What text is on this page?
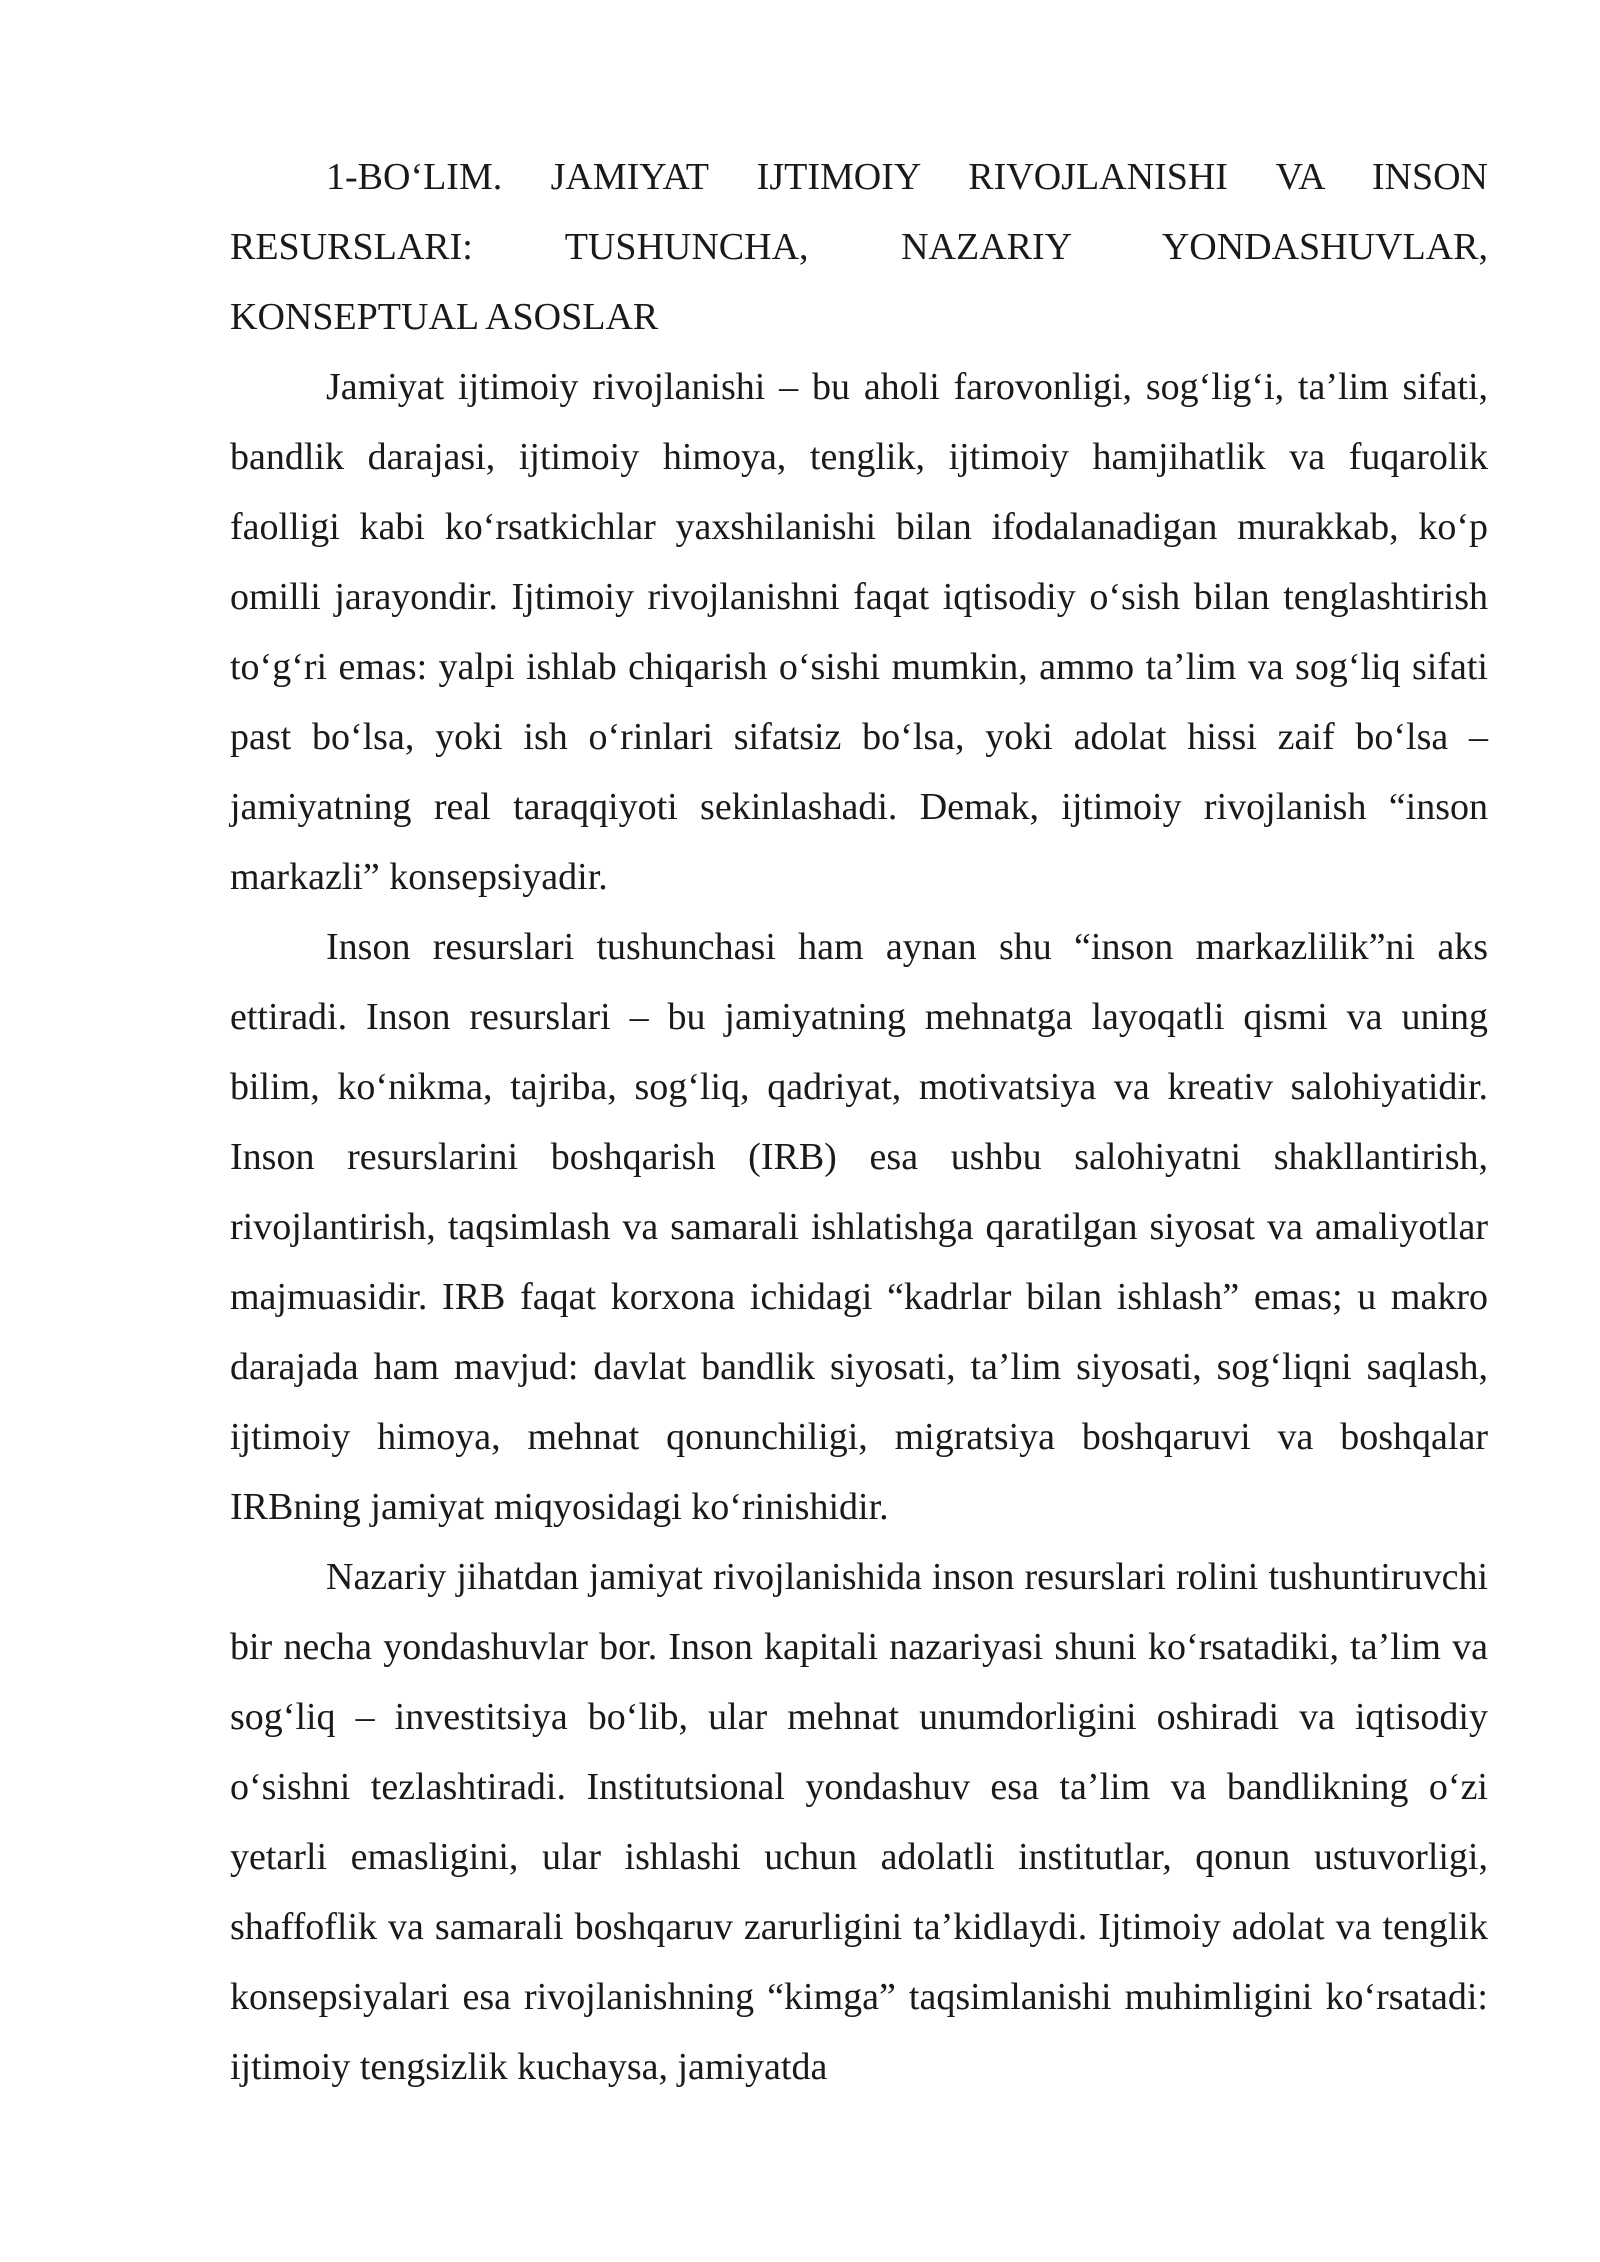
1-BO‘LIM. JAMIYAT IJTIMOIY RIVOJLANISHI VA INSON RESURSLARI: TUSHUNCHA, NAZARIY YONDASHUVLAR, KONSEPTUAL ASOSLAR

Jamiyat ijtimoiy rivojlanishi – bu aholi farovonligi, sog‘lig‘i, ta’lim sifati, bandlik darajasi, ijtimoiy himoya, tenglik, ijtimoiy hamjihatlik va fuqarolik faolligi kabi ko‘rsatkichlar yaxshilanishi bilan ifodalanadigan murakkab, ko‘p omilli jarayondir. Ijtimoiy rivojlanishni faqat iqtisodiy o‘sish bilan tenglashtirish to‘g‘ri emas: yalpi ishlab chiqarish o‘sishi mumkin, ammo ta’lim va sog‘liq sifati past bo‘lsa, yoki ish o‘rinlari sifatsiz bo‘lsa, yoki adolat hissi zaif bo‘lsa – jamiyatning real taraqqiyoti sekinlashadi. Demak, ijtimoiy rivojlanish “inson markazli” konsepsiyadir.

Inson resurslari tushunchasi ham aynan shu “inson markazlilik”ni aks ettiradi. Inson resurslari – bu jamiyatning mehnatga layoqatli qismi va uning bilim, ko‘nikma, tajriba, sog‘liq, qadriyat, motivatsiya va kreativ salohiyatidir. Inson resurslarini boshqarish (IRB) esa ushbu salohiyatni shakllantirish, rivojlantirish, taqsimlash va samarali ishlatishga qaratilgan siyosat va amaliyotlar majmuasidir. IRB faqat korxona ichidagi “kadrlar bilan ishlash” emas; u makro darajada ham mavjud: davlat bandlik siyosati, ta’lim siyosati, sog‘liqni saqlash, ijtimoiy himoya, mehnat qonunchiligi, migratsiya boshqaruvi va boshqalar IRBning jamiyat miqyosidagi ko‘rinishidir.

Nazariy jihatdan jamiyat rivojlanishida inson resurslari rolini tushuntiruvchi bir necha yondashuvlar bor. Inson kapitali nazariyasi shuni ko‘rsatadiki, ta’lim va sog‘liq – investitsiya bo‘lib, ular mehnat unumdorligini oshiradi va iqtisodiy o‘sishni tezlashtiradi. Institutsional yondashuv esa ta’lim va bandlikning o‘zi yetarli emasligini, ular ishlashi uchun adolatli institutlar, qonun ustuvorligi, shaffoflik va samarali boshqaruv zarurligini ta’kidlaydi. Ijtimoiy adolat va tenglik konsepsiyalari esa rivojlanishning “kimga” taqsimlanishi muhimligini ko‘rsatadi: ijtimoiy tengsizlik kuchaysa, jamiyatda
